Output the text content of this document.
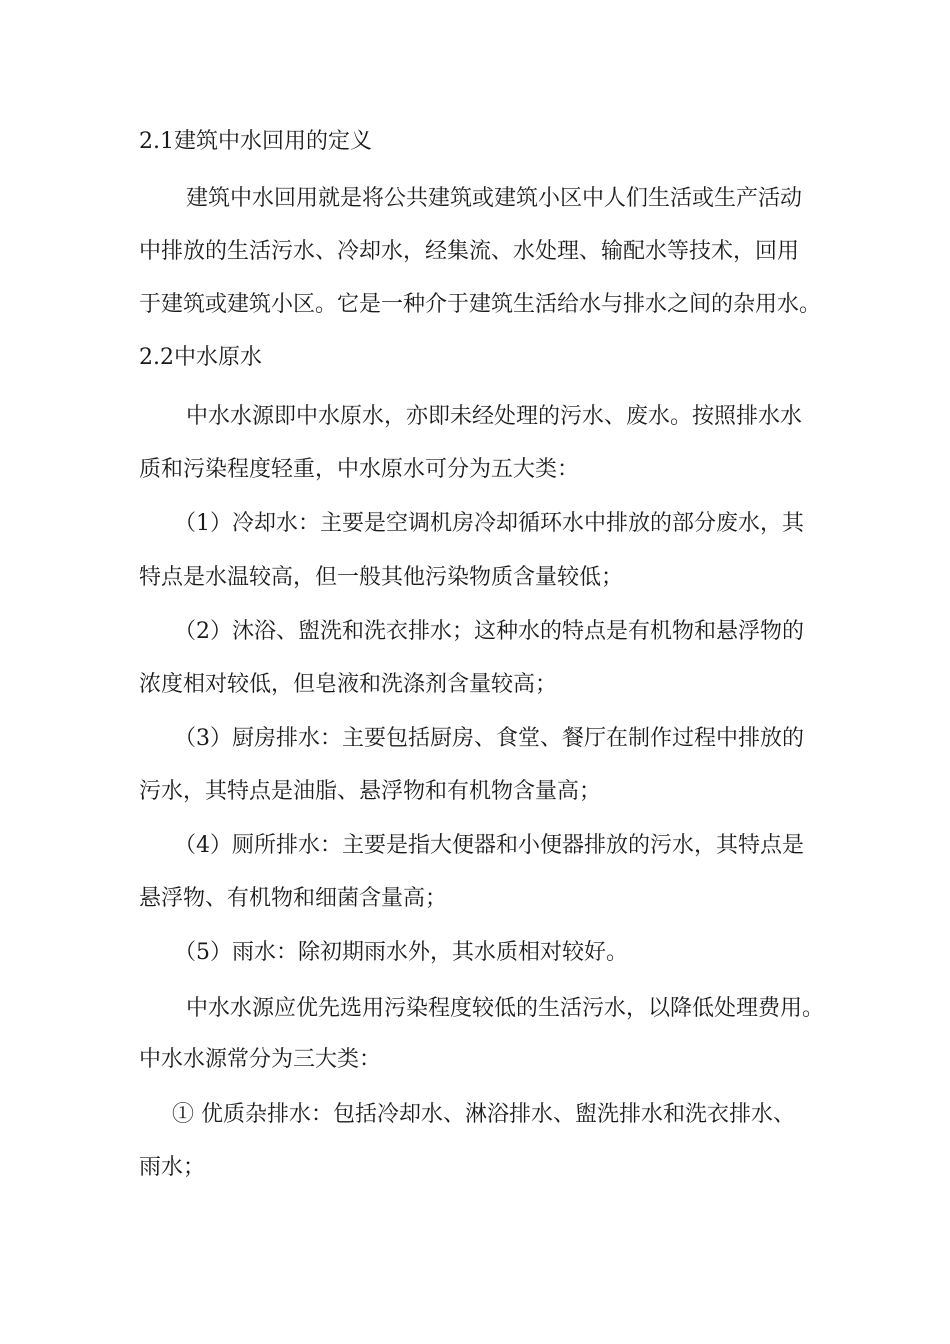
2.1建筑中水回用的定义

建筑中水回用就是将公共建筑或建筑小区中人们生活或生产活动

中排放的生活污水、冷却水，经集流、水处理、输配水等技术，回用

于建筑或建筑小区。它是一种介于建筑生活给水与排水之间的杂用水。

2.2中水原水

中水水源即中水原水，亦即未经处理的污水、废水。按照排水水

质和污染程度轻重，中水原水可分为五大类：

（1）冷却水：主要是空调机房冷却循环水中排放的部分废水，其

特点是水温较高，但一般其他污染物质含量较低；

（2）沐浴、盥洗和洗衣排水；这种水的特点是有机物和悬浮物的

浓度相对较低，但皂液和洗涤剂含量较高；

（3）厨房排水：主要包括厨房、食堂、餐厅在制作过程中排放的

污水，其特点是油脂、悬浮物和有机物含量高；

（4）厕所排水：主要是指大便器和小便器排放的污水，其特点是

悬浮物、有机物和细菌含量高；

（5）雨水：除初期雨水外，其水质相对较好。

中水水源应优先选用污染程度较低的生活污水，以降低处理费用。

中水水源常分为三大类：

① 优质杂排水：包括冷却水、淋浴排水、盥洗排水和洗衣排水、

雨水；
